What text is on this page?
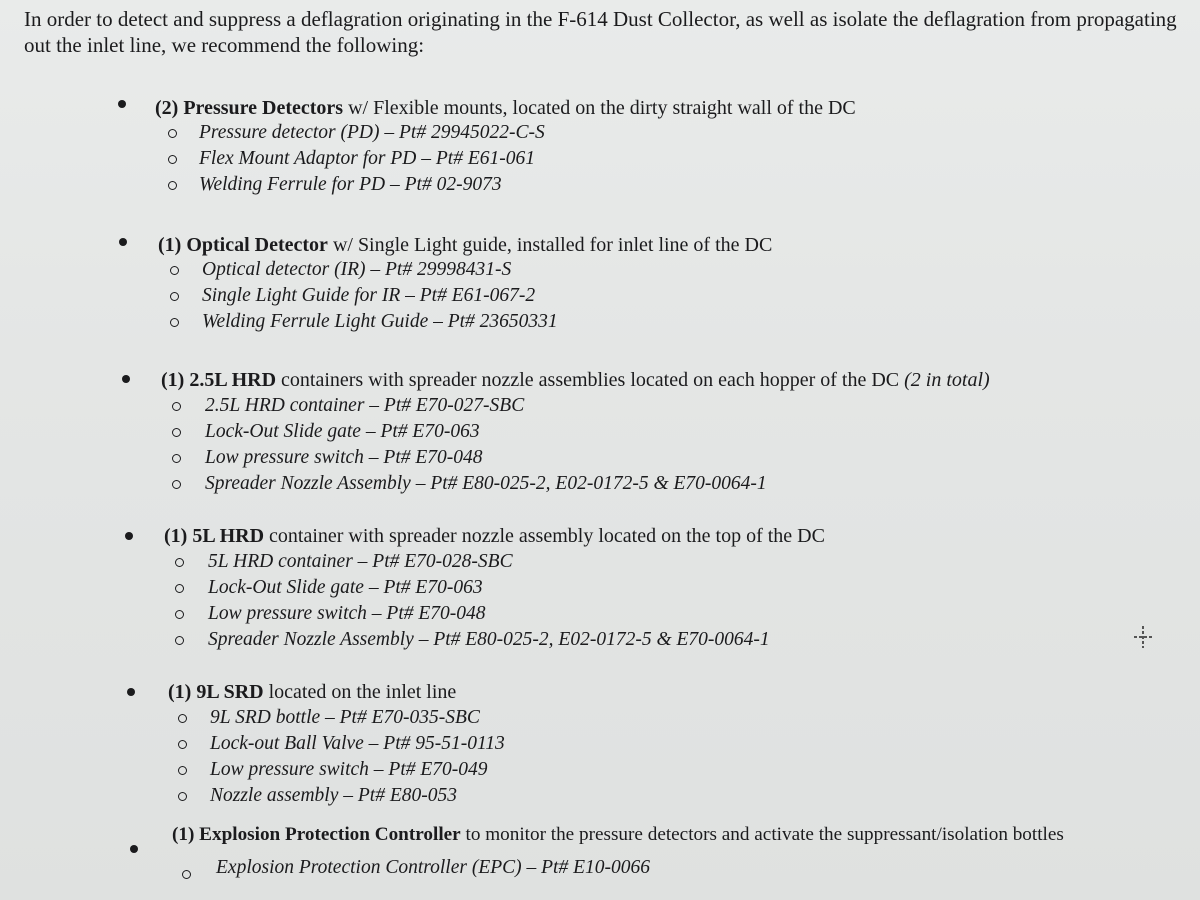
In order to detect and suppress a deflagration originating in the F-614 Dust Collector, as well as isolate the deflagration from propagating out the inlet line, we recommend the following:
(2) Pressure Detectors w/ Flexible mounts, located on the dirty straight wall of the DC
Pressure detector (PD) – Pt# 29945022-C-S
Flex Mount Adaptor for PD – Pt# E61-061
Welding Ferrule for PD – Pt# 02-9073
(1) Optical Detector w/ Single Light guide, installed for inlet line of the DC
Optical detector (IR) – Pt# 29998431-S
Single Light Guide for IR – Pt# E61-067-2
Welding Ferrule Light Guide – Pt# 23650331
(1) 2.5L HRD containers with spreader nozzle assemblies located on each hopper of the DC (2 in total)
2.5L HRD container – Pt# E70-027-SBC
Lock-Out Slide gate – Pt# E70-063
Low pressure switch – Pt# E70-048
Spreader Nozzle Assembly – Pt# E80-025-2, E02-0172-5 & E70-0064-1
(1) 5L HRD container with spreader nozzle assembly located on the top of the DC
5L HRD container – Pt# E70-028-SBC
Lock-Out Slide gate – Pt# E70-063
Low pressure switch – Pt# E70-048
Spreader Nozzle Assembly – Pt# E80-025-2, E02-0172-5 & E70-0064-1
(1) 9L SRD located on the inlet line
9L SRD bottle – Pt# E70-035-SBC
Lock-out Ball Valve – Pt# 95-51-0113
Low pressure switch – Pt# E70-049
Nozzle assembly – Pt# E80-053
(1) Explosion Protection Controller to monitor the pressure detectors and activate the suppressant/isolation bottles
Explosion Protection Controller (EPC) – Pt# E10-0066
